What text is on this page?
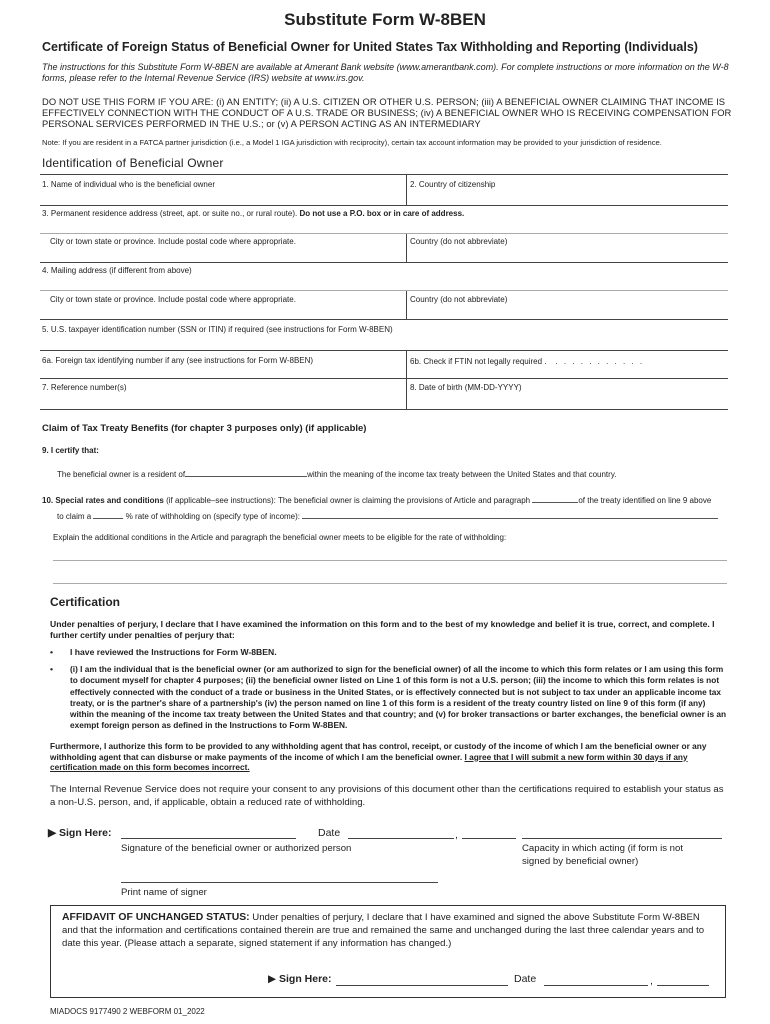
Substitute Form W-8BEN
Certificate of Foreign Status of Beneficial Owner for United States Tax Withholding and Reporting (Individuals)
The instructions for this Substitute Form W-8BEN are available at Amerant Bank website (www.amerantbank.com). For complete instructions or more information on the W-8 forms, please refer to the Internal Revenue Service (IRS) website at www.irs.gov.
DO NOT USE THIS FORM IF YOU ARE: (i) AN ENTITY; (ii) A U.S. CITIZEN OR OTHER U.S. PERSON; (iii) A BENEFICIAL OWNER CLAIMING THAT INCOME IS EFFECTIVELY CONNECTION WITH THE CONDUCT OF A U.S. TRADE OR BUSINESS; (iv) A BENEFICIAL OWNER WHO IS RECEIVING COMPENSATION FOR PERSONAL SERVICES PERFORMED IN THE U.S.; or (v) A PERSON ACTING AS AN INTERMEDIARY
Note: If you are resident in a FATCA partner jurisdiction (i.e., a Model 1 IGA jurisdiction with reciprocity), certain tax account information may be provided to your jurisdiction of residence.
Identification of Beneficial Owner
1. Name of individual who is the beneficial owner	2. Country of citizenship
3. Permanent residence address (street, apt. or suite no., or rural route). Do not use a P.O. box or in care of address.
City or town state or province. Include postal code where appropriate.	Country (do not abbreviate)
4. Mailing address (if different from above)
City or town state or province. Include postal code where appropriate.	Country (do not abbreviate)
5. U.S. taxpayer identification number (SSN or ITIN) if required (see instructions for Form W-8BEN)
6a. Foreign tax identifying number if any (see instructions for Form W-8BEN)	6b. Check if FTIN not legally required . . . . . . . . . . . .
7. Reference number(s)	8. Date of birth (MM-DD-YYYY)
Claim of Tax Treaty Benefits (for chapter 3 purposes only) (if applicable)
9. I certify that:
The beneficial owner is a resident of	within the meaning of the income tax treaty between the United States and that country.
10. Special rates and conditions (if applicable–see instructions): The beneficial owner is claiming the provisions of Article and paragraph	of the treaty identified on line 9 above
to claim a	% rate of withholding on (specify type of income):
Explain the additional conditions in the Article and paragraph the beneficial owner meets to be eligible for the rate of withholding:
Certification
Under penalties of perjury, I declare that I have examined the information on this form and to the best of my knowledge and belief it is true, correct, and complete. I further certify under penalties of perjury that:
• I have reviewed the Instructions for Form W-8BEN.
• (i) I am the individual that is the beneficial owner (or am authorized to sign for the beneficial owner) of all the income to which this form relates or I am using this form to document myself for chapter 4 purposes; (ii) the beneficial owner listed on Line 1 of this form is not a U.S. person; (iii) the income to which this form relates is not effectively connected with the conduct of a trade or business in the United States, or is effectively connected but is not subject to tax under an applicable income tax treaty, or is the partner's share of a partnership's (iv) the person named on line 1 of this form is a resident of the treaty country listed on line 9 of this form (if any) within the meaning of the income tax treaty between the United States and that country; and (v) for broker transactions or barter exchanges, the beneficial owner is an exempt foreign person as defined in the Instructions to Form W-8BEN.
Furthermore, I authorize this form to be provided to any withholding agent that has control, receipt, or custody of the income of which I am the beneficial owner or any withholding agent that can disburse or make payments of the income of which I am the beneficial owner. I agree that I will submit a new form within 30 days if any certification made on this form becomes incorrect.
The Internal Revenue Service does not require your consent to any provisions of this document other than the certifications required to establish your status as a non-U.S. person, and, if applicable, obtain a reduced rate of withholding.
▶ Sign Here:	Date	,
Signature of the beneficial owner or authorized person	Capacity in which acting (if form is not signed by beneficial owner)
Print name of signer
AFFIDAVIT OF UNCHANGED STATUS: Under penalties of perjury, I declare that I have examined and signed the above Substitute Form W-8BEN and that the information and certifications contained therein are true and remained the same and unchanged during the last three calendar years and to date this year. (Please attach a separate, signed statement if any information has changed.)
▶ Sign Here:	Date	,
MIADOCS 9177490 2 WEBFORM 01_2022
